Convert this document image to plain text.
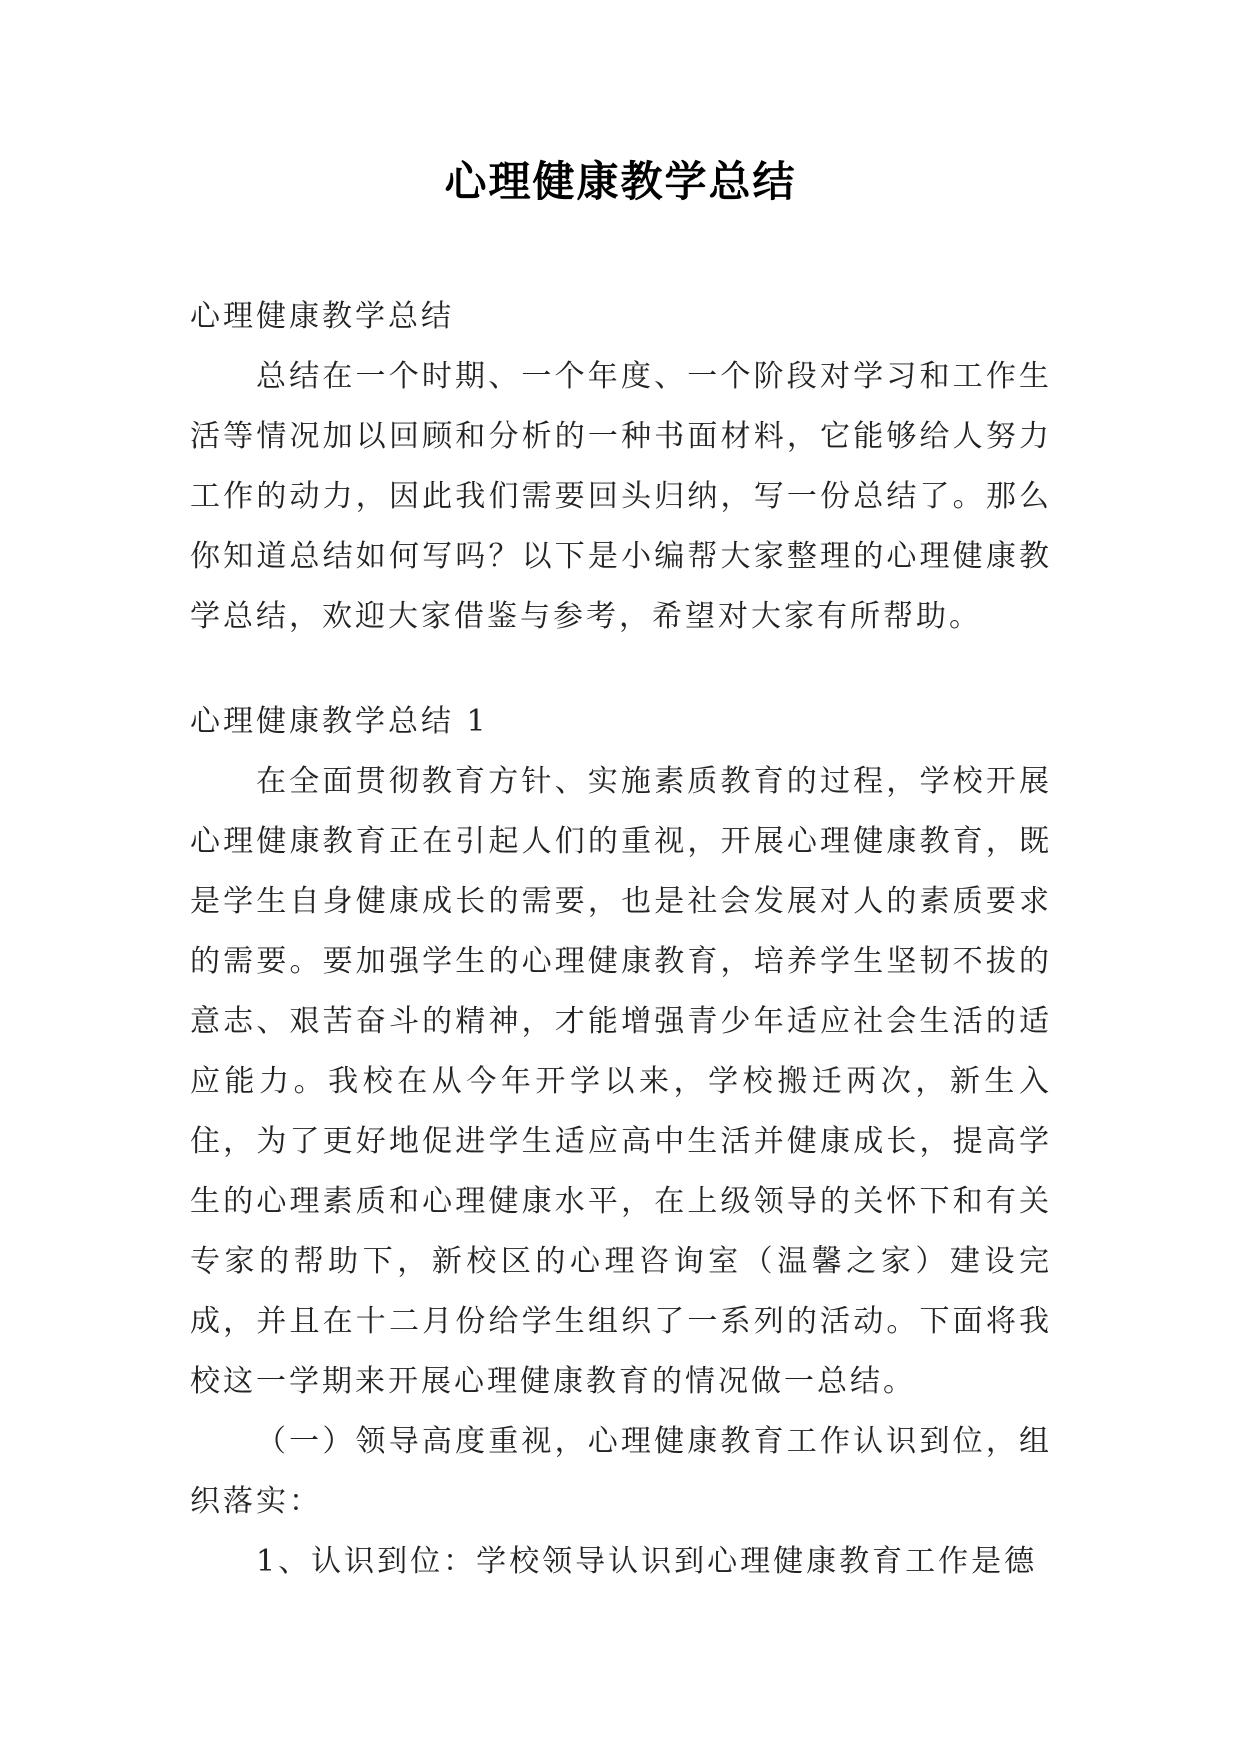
心理健康教学总结

心理健康教学总结

总结在一个时期、一个年度、一个阶段对学习和工作生活等情况加以回顾和分析的一种书面材料，它能够给人努力工作的动力，因此我们需要回头归纳，写一份总结了。那么你知道总结如何写吗？以下是小编帮大家整理的心理健康教学总结，欢迎大家借鉴与参考，希望对大家有所帮助。

心理健康教学总结 1

在全面贯彻教育方针、实施素质教育的过程，学校开展心理健康教育正在引起人们的重视，开展心理健康教育，既是学生自身健康成长的需要，也是社会发展对人的素质要求的需要。要加强学生的心理健康教育，培养学生坚韧不拔的意志、艰苦奋斗的精神，才能增强青少年适应社会生活的适应能力。我校在从今年开学以来，学校搬迁两次，新生入住，为了更好地促进学生适应高中生活并健康成长，提高学生的心理素质和心理健康水平，在上级领导的关怀下和有关专家的帮助下，新校区的心理咨询室（温馨之家）建设完成，并且在十二月份给学生组织了一系列的活动。下面将我校这一学期来开展心理健康教育的情况做一总结。

（一）领导高度重视，心理健康教育工作认识到位，组织落实：

1、认识到位：学校领导认识到心理健康教育工作是德
